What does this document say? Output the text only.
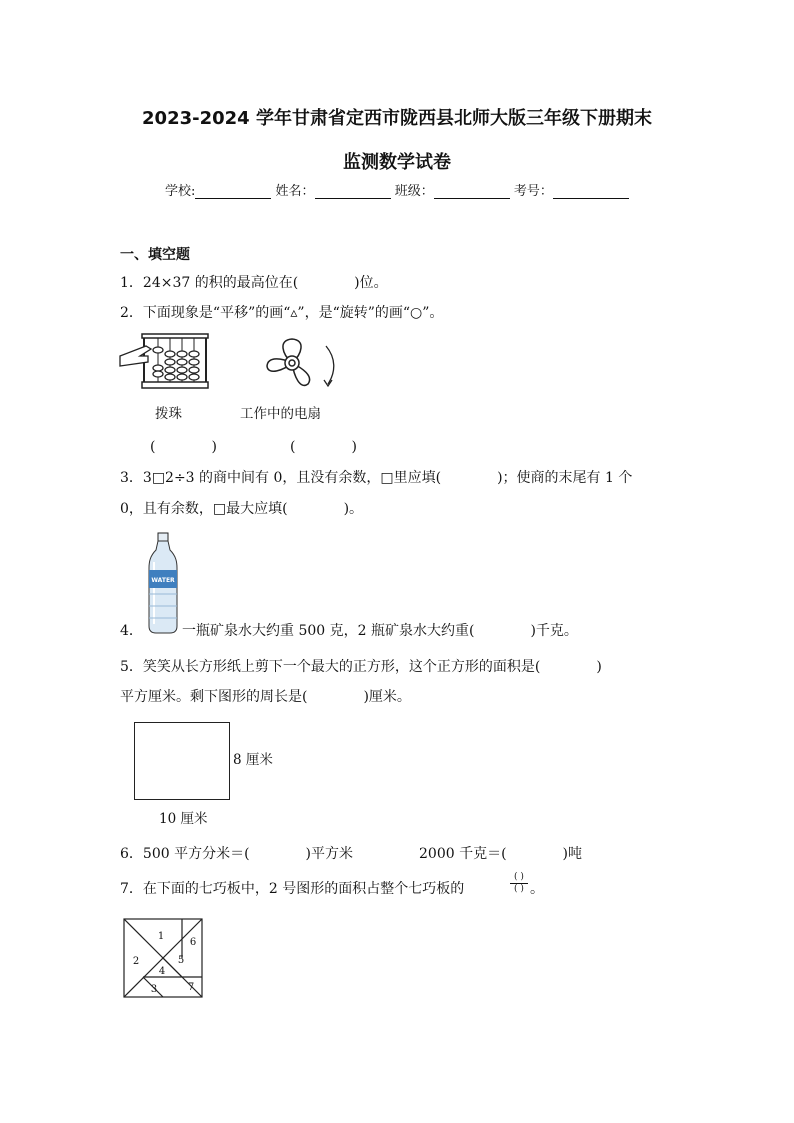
2023-2024 学年甘肃省定西市陇西县北师大版三年级下册期末
监测数学试卷
学校:	姓名：	班级：	考号：
一、填空题
1．24×37 的积的最高位在(　　　　)位。
2．下面现象是“平移”的画“▵”，是“旋转”的画“○”。
拨珠	工作中的电扇
(　　　　)	(　　　　)
3．3□2÷3 的商中间有 0，且没有余数，□里应填(　　　　)；使商的末尾有 1 个
0，且有余数，□最大应填(　　　　)。
WATER
4．	一瓶矿泉水大约重 500 克，2 瓶矿泉水大约重(　　　　)千克。
5．笑笑从长方形纸上剪下一个最大的正方形，这个正方形的面积是(　　　　)
平方厘米。剩下图形的周长是(　　　　)厘米。
8 厘米
10 厘米
6．500 平方分米＝(　　　　)平方米	2000 千克＝(　　　　)吨
7．在下面的七巧板中，2 号图形的面积占整个七巧板的
( )
( ) 。
1
2
3
4
5
6
7
